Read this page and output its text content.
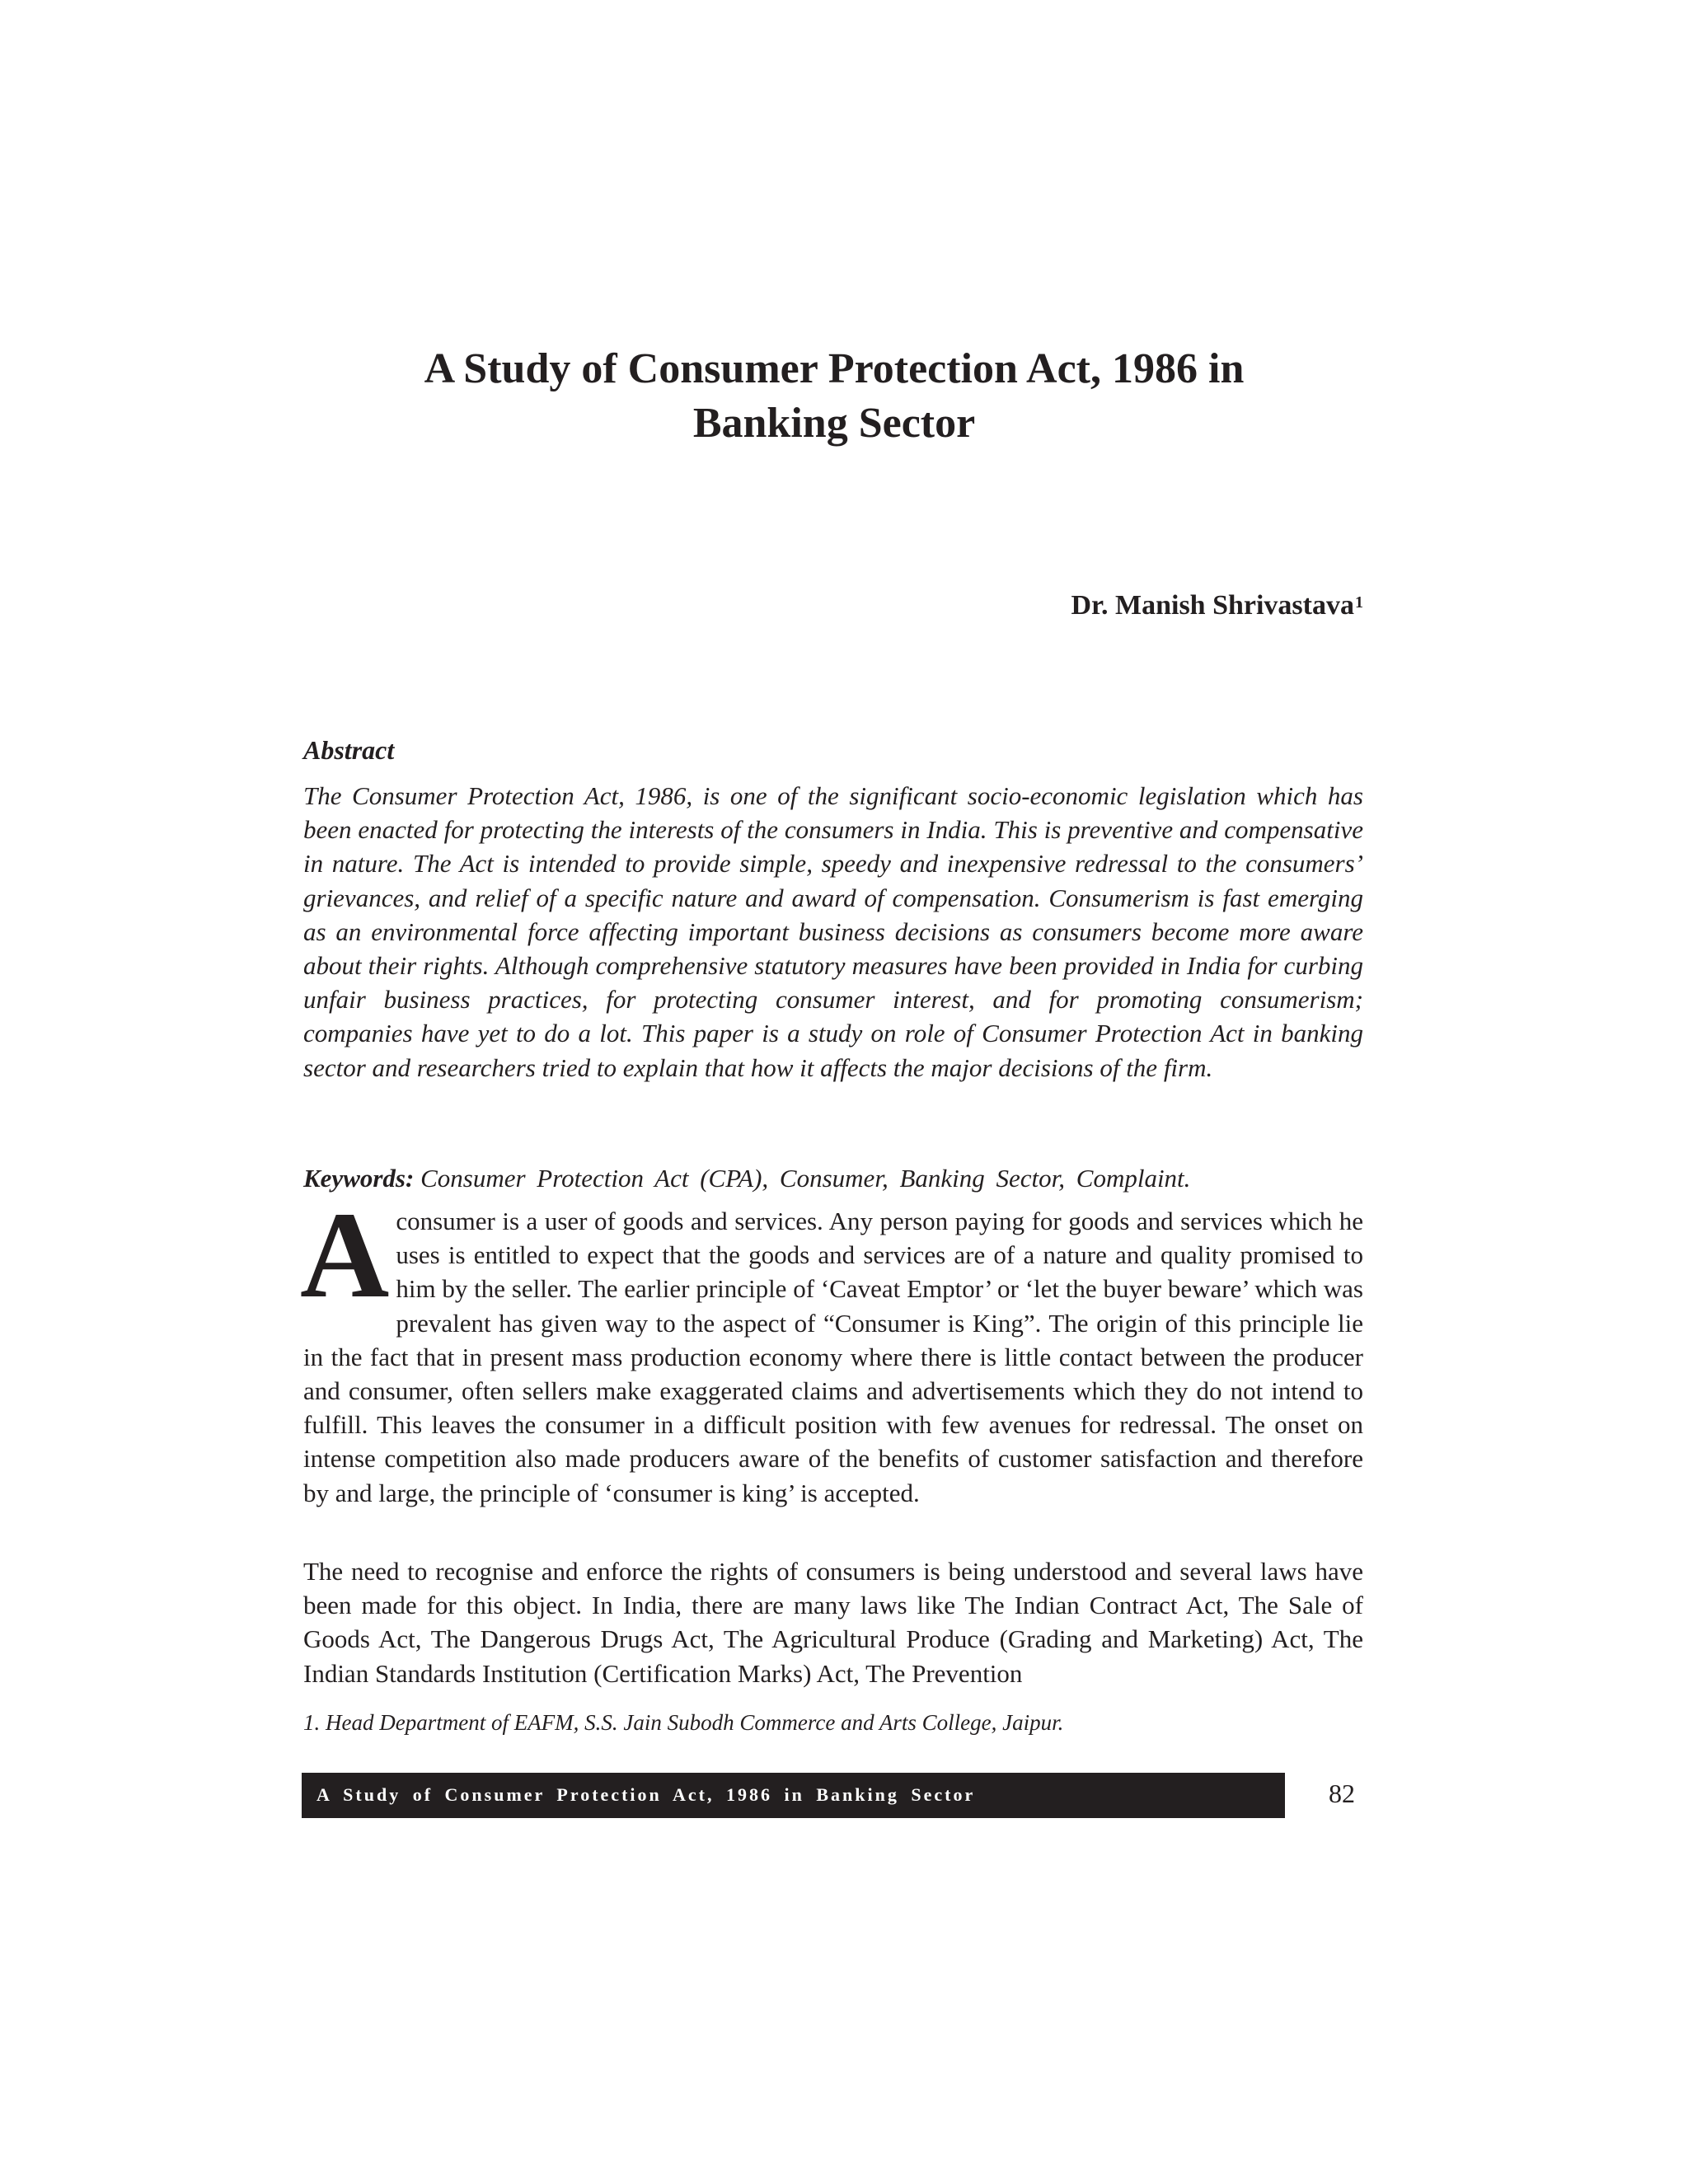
A Study of Consumer Protection Act, 1986 in
Banking Sector
Dr. Manish Shrivastava$^1$
Abstract
The Consumer Protection Act, 1986, is one of the significant socio-economic legislation which has been enacted for protecting the interests of the consumers in India. This is preventive and compensative in nature. The Act is intended to provide simple, speedy and inexpensive redressal to the consumers’ grievances, and relief of a specific nature and award of compensation. Consumerism is fast emerging as an environmental force affecting important business decisions as consumers become more aware about their rights. Although comprehensive statutory measures have been provided in India for curbing unfair business practices, for protecting consumer interest, and for promoting consumerism; companies have yet to do a lot. This paper is a study on role of Consumer Protection Act in banking sector and researchers tried to explain that how it affects the major decisions of the firm.
Keywords: Consumer Protection Act (CPA), Consumer, Banking Sector, Complaint.
Aconsumer is a user of goods and services. Any person paying for goods and services which he uses is entitled to expect that the goods and services are of a nature and quality promised to him by the seller. The earlier principle of ‘Caveat Emptor’ or ‘let the buyer beware’ which was prevalent has given way to the aspect of “Consumer is King”. The origin of this principle lie in the fact that in present mass production economy where there is little contact between the producer and consumer, often sellers make exaggerated claims and advertisements which they do not intend to fulfill. This leaves the consumer in a difficult position with few avenues for redressal. The onset on intense competition also made producers aware of the benefits of customer satisfaction and therefore by and large, the principle of ‘consumer is king’ is accepted.
The need to recognise and enforce the rights of consumers is being understood and several laws have been made for this object. In India, there are many laws like The Indian Contract Act, The Sale of Goods Act, The Dangerous Drugs Act, The Agricultural Produce (Grading and Marketing) Act, The Indian Standards Institution (Certification Marks) Act, The Prevention
1. Head Department of EAFM, S.S. Jain Subodh Commerce and Arts College, Jaipur.
A Study of Consumer Protection Act, 1986 in Banking Sector	82
